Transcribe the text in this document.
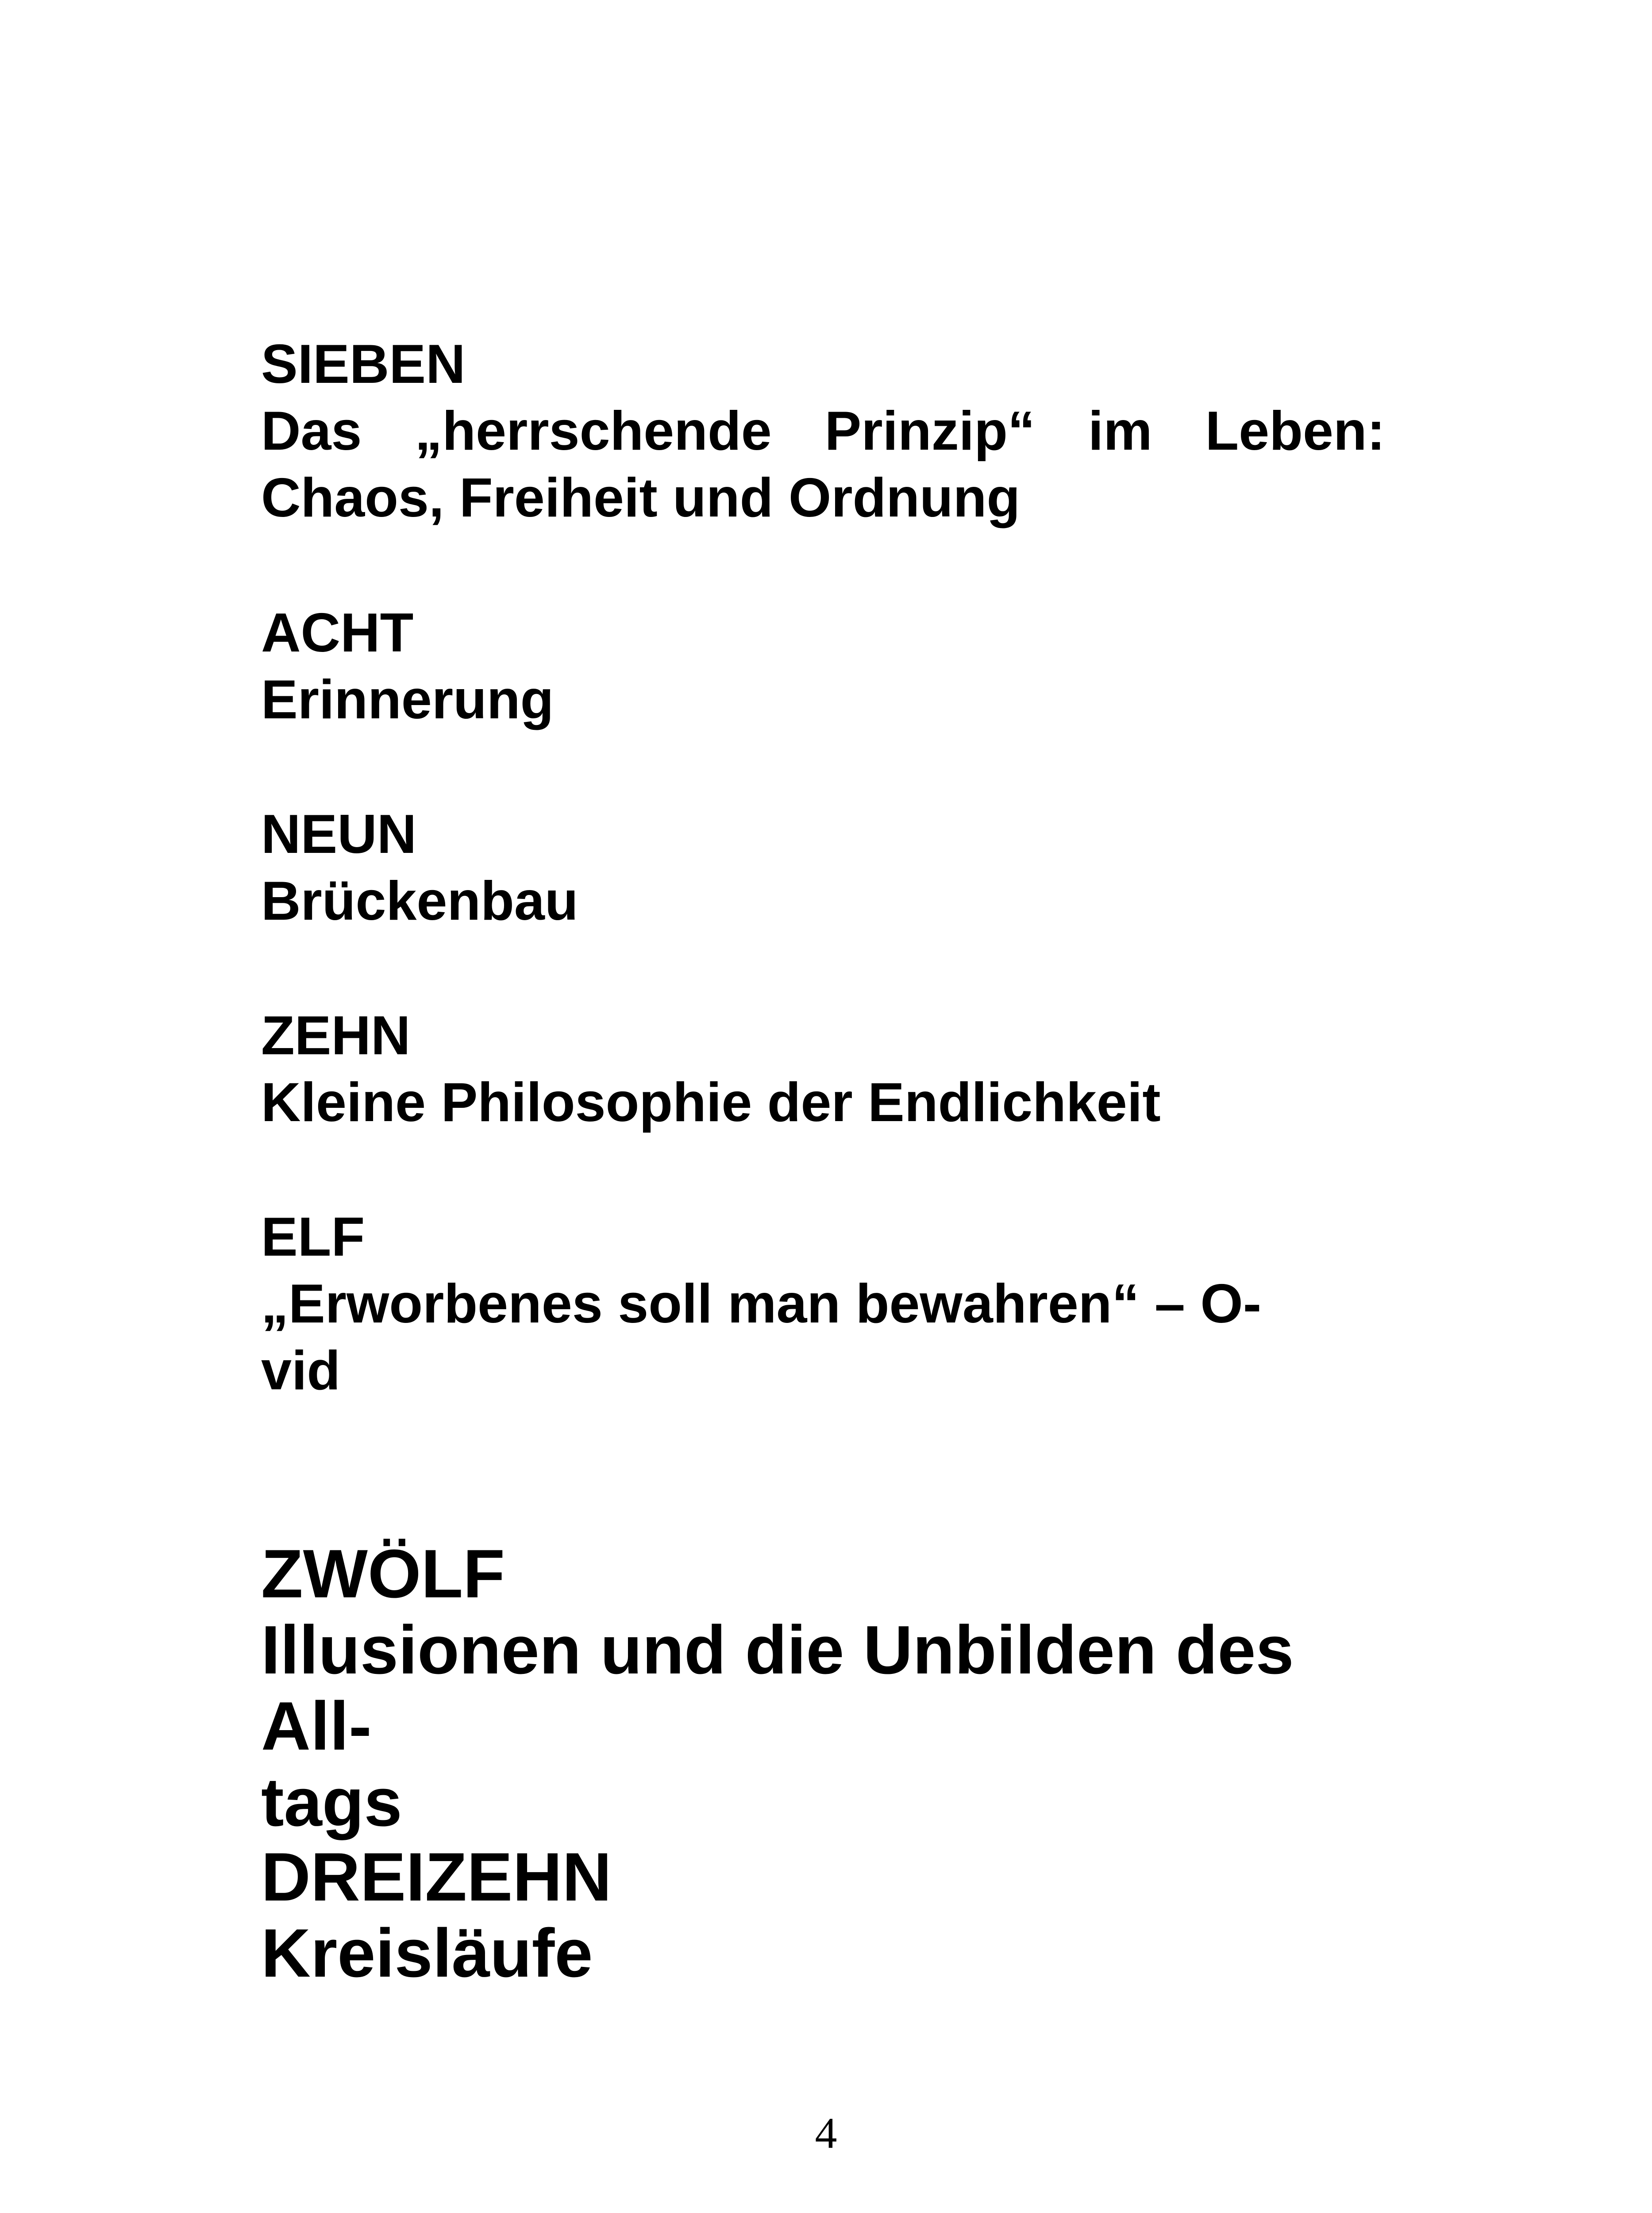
SIEBEN
Das „herrschende Prinzip“ im Leben:
Chaos, Freiheit und Ordnung
ACHT
Erinnerung
NEUN
Brückenbau
ZEHN
Kleine Philosophie der Endlichkeit
ELF
„Erworbenes soll man bewahren“ – O-
vid
ZWÖLF
Illusionen und die Unbilden des All-
tags
DREIZEHN
Kreisläufe
4
